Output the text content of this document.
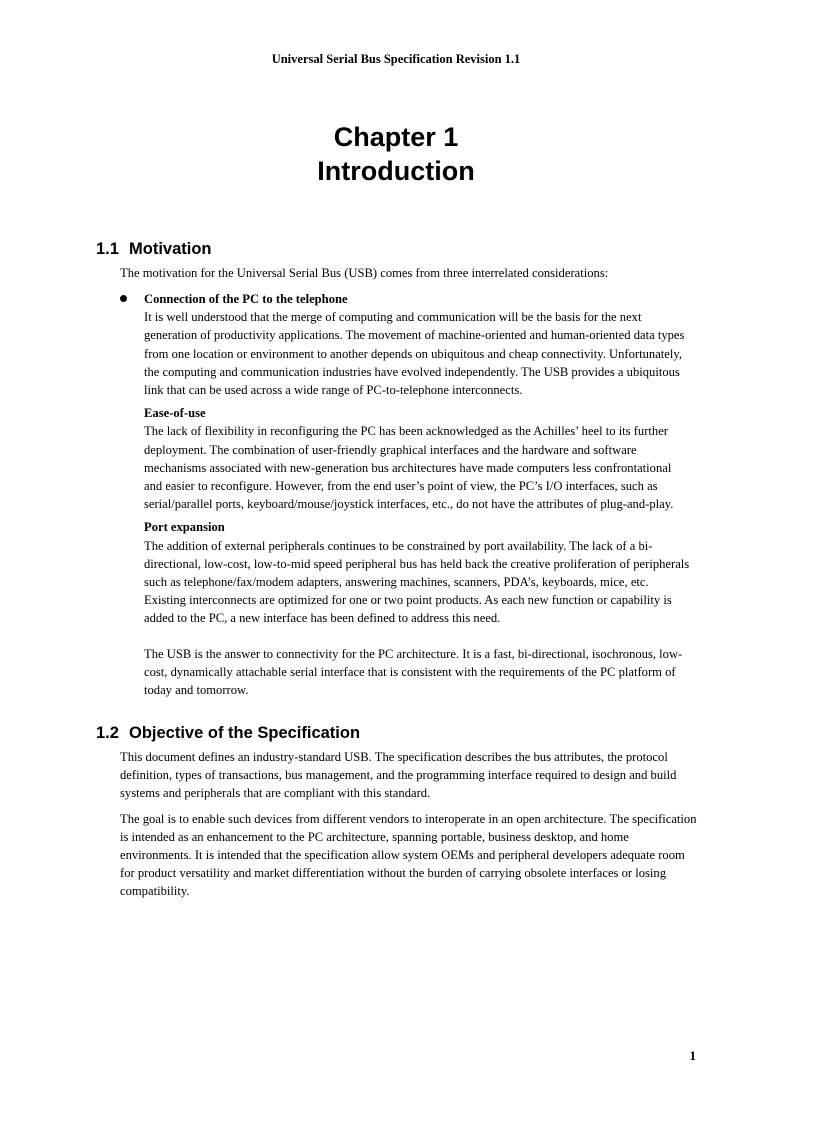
Universal Serial Bus Specification Revision 1.1
Chapter 1
Introduction
1.1 Motivation

The motivation for the Universal Serial Bus (USB) comes from three interrelated considerations:

Connection of the PC to the telephone
It is well understood that the merge of computing and communication will be the basis for the next generation of productivity applications. The movement of machine-oriented and human-oriented data types from one location or environment to another depends on ubiquitous and cheap connectivity. Unfortunately, the computing and communication industries have evolved independently. The USB provides a ubiquitous link that can be used across a wide range of PC-to-telephone interconnects.
Ease-of-use
The lack of flexibility in reconfiguring the PC has been acknowledged as the Achilles’ heel to its further deployment. The combination of user-friendly graphical interfaces and the hardware and software mechanisms associated with new-generation bus architectures have made computers less confrontational and easier to reconfigure. However, from the end user’s point of view, the PC’s I/O interfaces, such as serial/parallel ports, keyboard/mouse/joystick interfaces, etc., do not have the attributes of plug-and-play.
Port expansion
The addition of external peripherals continues to be constrained by port availability. The lack of a bi-directional, low-cost, low-to-mid speed peripheral bus has held back the creative proliferation of peripherals such as telephone/fax/modem adapters, answering machines, scanners, PDA’s, keyboards, mice, etc. Existing interconnects are optimized for one or two point products. As each new function or capability is added to the PC, a new interface has been defined to address this need.
The USB is the answer to connectivity for the PC architecture. It is a fast, bi-directional, isochronous, low-cost, dynamically attachable serial interface that is consistent with the requirements of the PC platform of today and tomorrow.
1.2 Objective of the Specification

This document defines an industry-standard USB. The specification describes the bus attributes, the protocol definition, types of transactions, bus management, and the programming interface required to design and build systems and peripherals that are compliant with this standard.

The goal is to enable such devices from different vendors to interoperate in an open architecture. The specification is intended as an enhancement to the PC architecture, spanning portable, business desktop, and home environments. It is intended that the specification allow system OEMs and peripheral developers adequate room for product versatility and market differentiation without the burden of carrying obsolete interfaces or losing compatibility.

1
